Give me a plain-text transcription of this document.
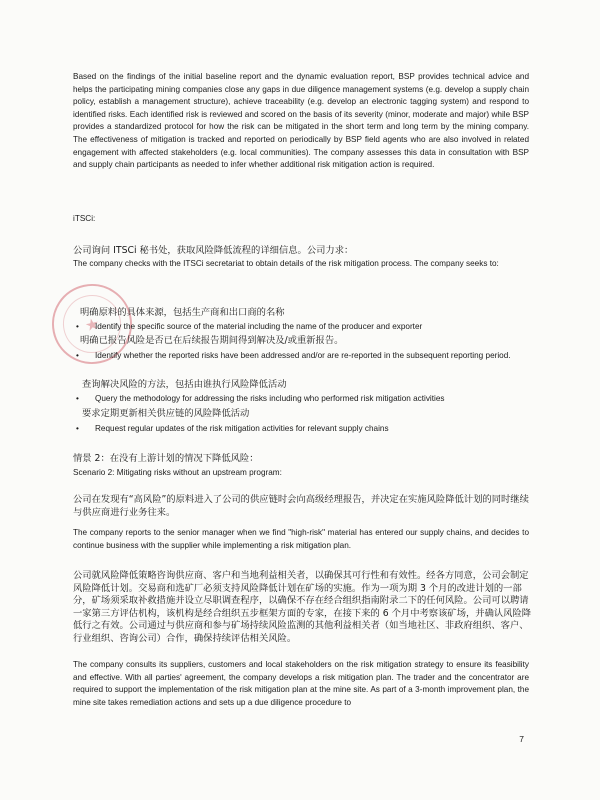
★

Based on the findings of the initial baseline report and the dynamic evaluation report, BSP provides technical advice and helps the participating mining companies close any gaps in due diligence management systems (e.g. develop a supply chain policy, establish a management structure), achieve traceability (e.g. develop an electronic tagging system) and respond to identified risks. Each identified risk is reviewed and scored on the basis of its severity (minor, moderate and major) while BSP provides a standardized protocol for how the risk can be mitigated in the short term and long term by the mining company. The effectiveness of mitigation is tracked and reported on periodically by BSP field agents who are also involved in related engagement with affected stakeholders (e.g. local communities). The company assesses this data in consultation with BSP and supply chain participants as needed to infer whether additional risk mitigation action is required.

iTSCi:

公司询问 ITSCi 秘书处，获取风险降低流程的详细信息。公司力求：

The company checks with the ITSCi secretariat to obtain details of the risk mitigation process. The company seeks to:

明确原料的具体来源，包括生产商和出口商的名称

• Identify the specific source of the material including the name of the producer and exporter

明确已报告风险是否已在后续报告期间得到解决及/或重新报告。

• Identify whether the reported risks have been addressed and/or are re-reported in the subsequent reporting period.

查询解决风险的方法，包括由谁执行风险降低活动

• Query the methodology for addressing the risks including who performed risk mitigation activities

要求定期更新相关供应链的风险降低活动

• Request regular updates of the risk mitigation activities for relevant supply chains

情景 2：在没有上游计划的情况下降低风险：

Scenario 2: Mitigating risks without an upstream program:

公司在发现有“高风险”的原料进入了公司的供应链时会向高级经理报告，并决定在实施风险降低计划的同时继续与供应商进行业务往来。

The company reports to the senior manager when we find "high-risk" material has entered our supply chains, and decides to continue business with the supplier while implementing a risk mitigation plan.

公司就风险降低策略咨询供应商、客户和当地利益相关者，以确保其可行性和有效性。经各方同意，公司会制定风险降低计划。交易商和选矿厂必须支持风险降低计划在矿场的实施。作为一项为期 3 个月的改进计划的一部分，矿场须采取补救措施并设立尽职调查程序，以确保不存在经合组织指南附录二下的任何风险。公司可以聘请一家第三方评估机构，该机构是经合组织五步框架方面的专家，在接下来的 6 个月中考察该矿场，并确认风险降低行之有效。公司通过与供应商和参与矿场持续风险监测的其他利益相关者（如当地社区、非政府组织、客户、行业组织、咨询公司）合作，确保持续评估相关风险。

The company consults its suppliers, customers and local stakeholders on the risk mitigation strategy to ensure its feasibility and effective. With all parties' agreement, the company develops a risk mitigation plan. The trader and the concentrator are required to support the implementation of the risk mitigation plan at the mine site. As part of a 3-month improvement plan, the mine site takes remediation actions and sets up a due diligence procedure to

7
